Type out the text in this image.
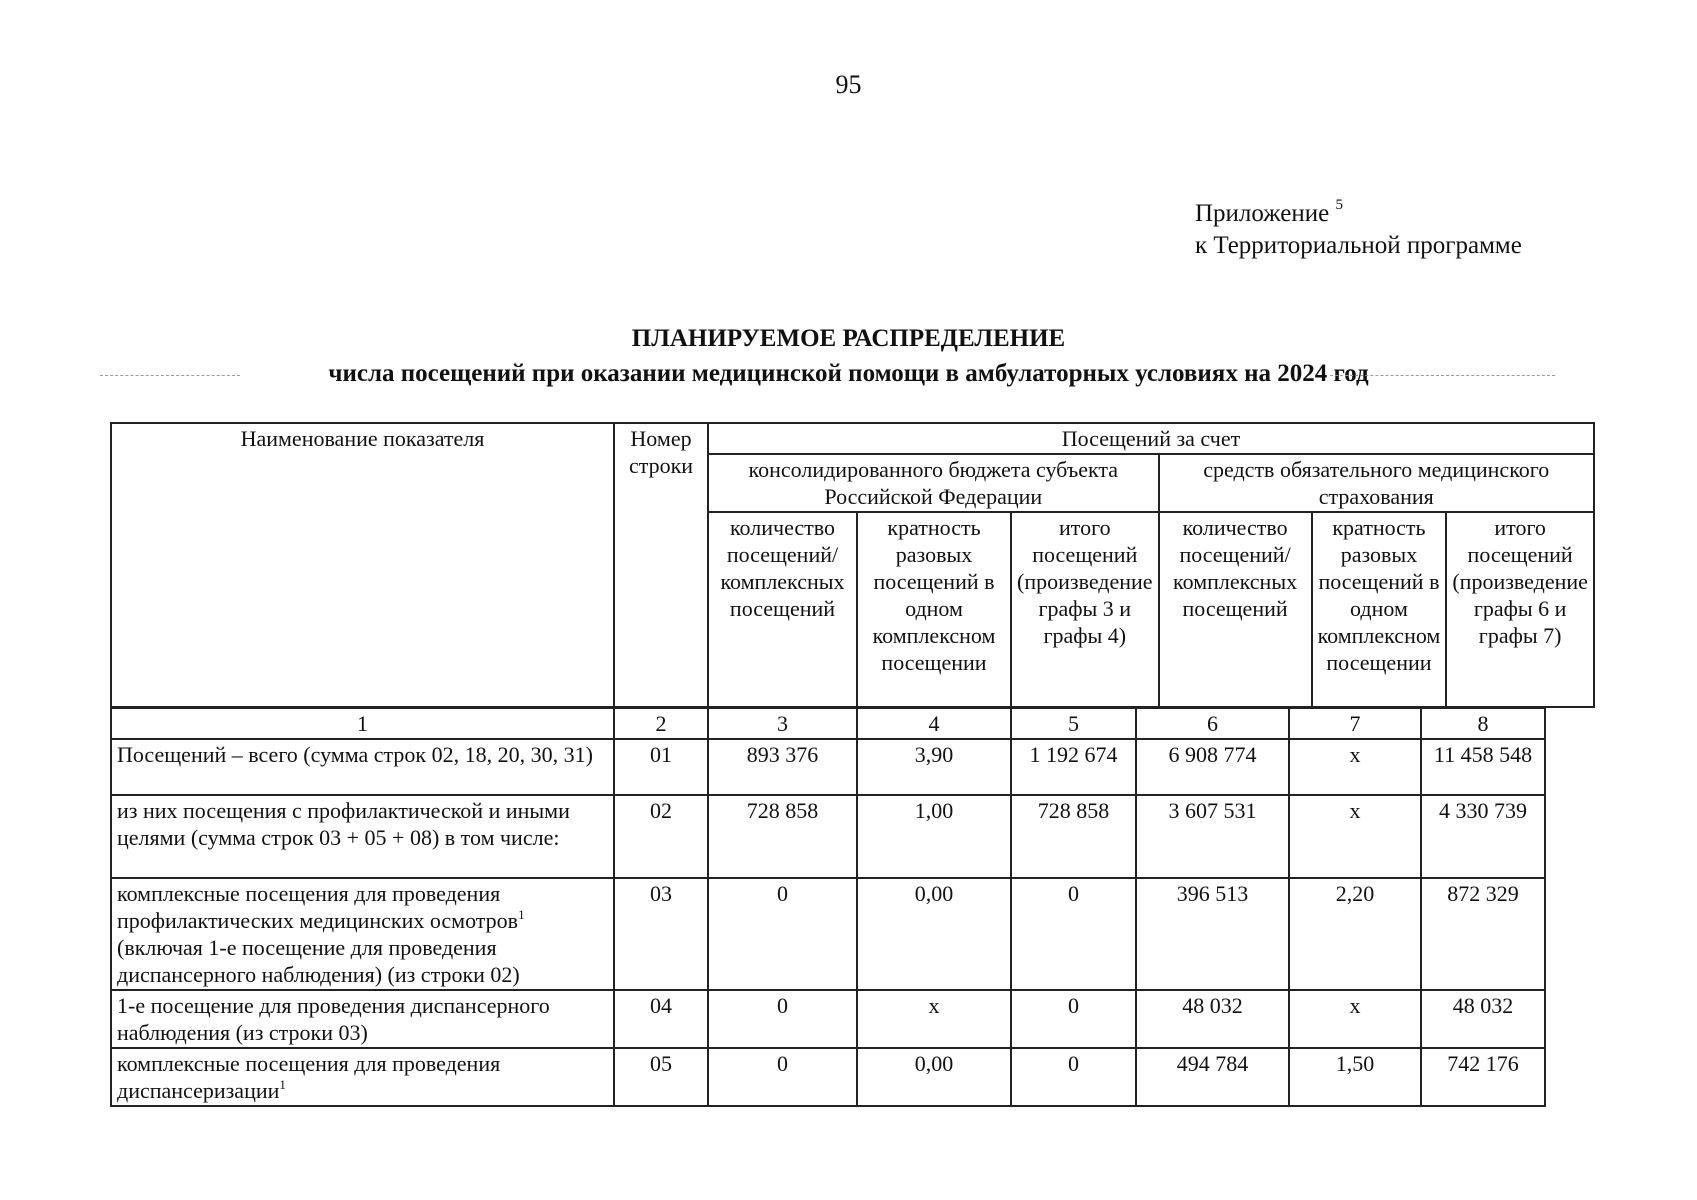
95
Приложение $^5$
к Территориальной программе
ПЛАНИРУЕМОЕ РАСПРЕДЕЛЕНИЕ
числа посещений при оказании медицинской помощи в амбулаторных условиях на 2024 год
Наименование показателя	Номер строки	Посещений за счет					
		консолидированного бюджета субъекта Российской Федерации			средств обязательного медицинского страхования		
		количество посещений/ комплексных посещений	кратность разовых посещений в одном комплексном посещении	итого посещений (произведение графы 3 и графы 4)	количество посещений/ комплексных посещений	кратность разовых посещений в одном комплексном посещении	итого посещений (произведение графы 6 и графы 7)
1	2	3	4	5	6	7	8
Посещений – всего (сумма строк 02, 18, 20, 30, 31)	01	893 376	3,90	1 192 674	6 908 774	х	11 458 548
из них посещения с профилактической и иными целями (сумма строк 03 + 05 + 08) в том числе:	02	728 858	1,00	728 858	3 607 531	х	4 330 739
комплексные посещения для проведения профилактических медицинских осмотров$^1$ (включая 1-е посещение для проведения диспансерного наблюдения) (из строки 02)	03	0	0,00	0	396 513	2,20	872 329
1-е посещение для проведения диспансерного наблюдения (из строки 03)	04	0	х	0	48 032	х	48 032
комплексные посещения для проведения диспансеризации$^1$	05	0	0,00	0	494 784	1,50	742 176
